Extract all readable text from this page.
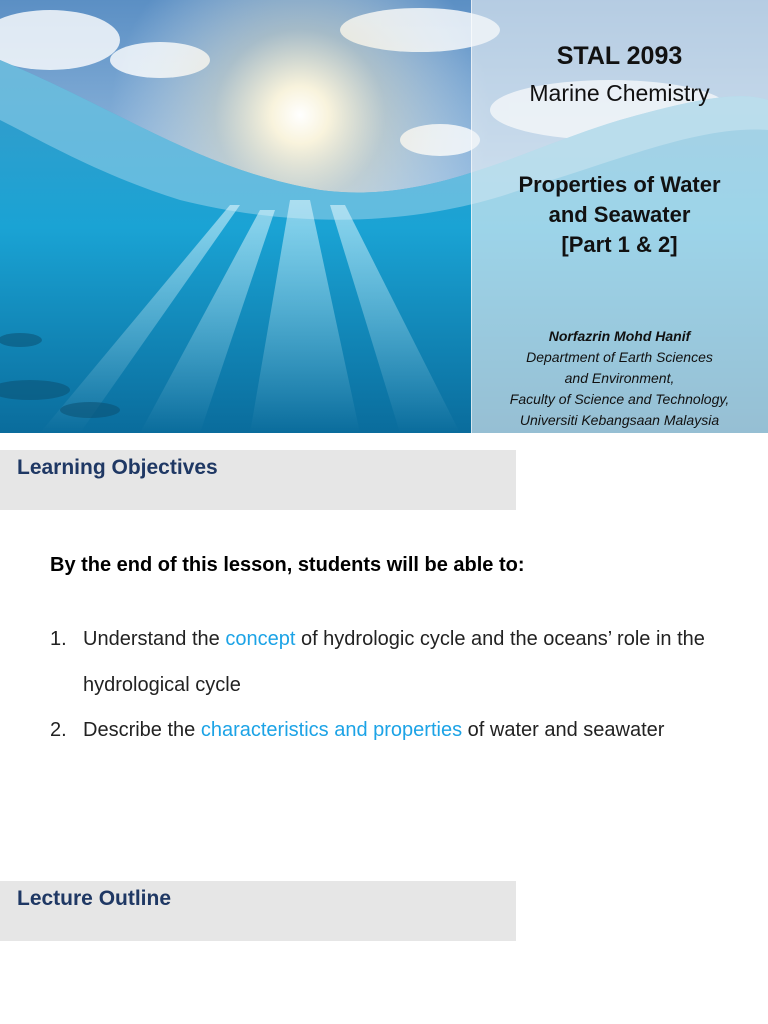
STAL 2093
Marine Chemistry
Properties of Water
and Seawater
[Part 1 & 2]
Norfazrin Mohd Hanif
Department of Earth Sciences
and Environment,
Faculty of Science and Technology,
Universiti Kebangsaan Malaysia
Learning Objectives
By the end of this lesson, students will be able to:
1. Understand the concept of hydrologic cycle and the oceans’ role in the hydrological cycle
2. Describe the characteristics and properties of water and seawater
Lecture Outline
